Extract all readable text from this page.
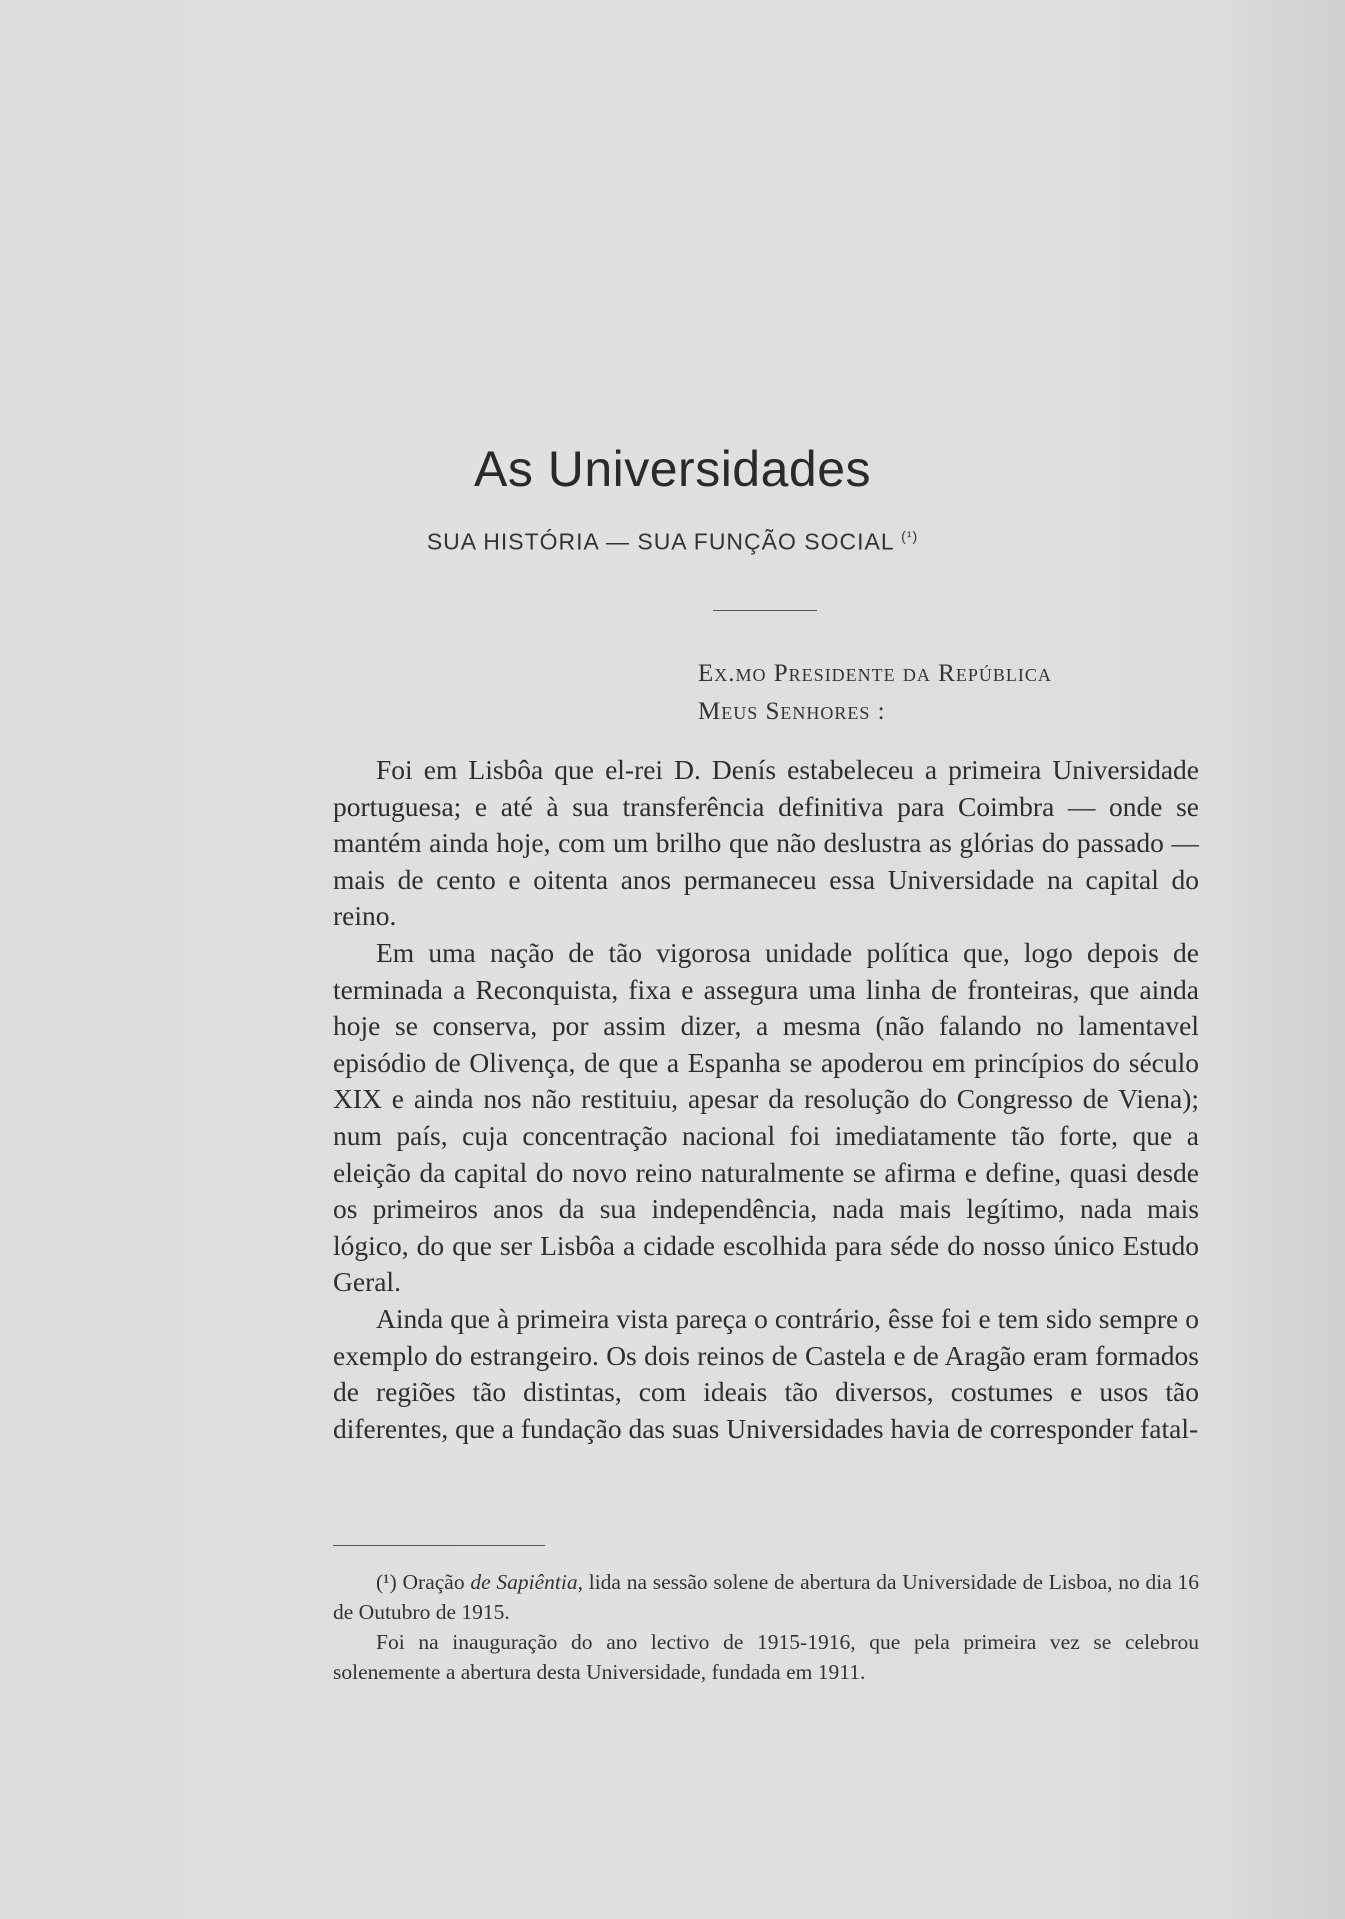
As Universidades
SUA HISTÓRIA — SUA FUNÇÃO SOCIAL $^{(^1)}$
Ex.mo Presidente da República
Meus Senhores :

Foi em Lisbôa que el-rei D. Denís estabeleceu a primeira Universidade portuguesa; e até à sua transferência definitiva para Coimbra — onde se mantém ainda hoje, com um brilho que não deslustra as glórias do passado — mais de cento e oitenta anos permaneceu essa Universidade na capital do reino.

Em uma nação de tão vigorosa unidade política que, logo depois de terminada a Reconquista, fixa e assegura uma linha de fronteiras, que ainda hoje se conserva, por assim dizer, a mesma (não falando no lamentavel episódio de Olivença, de que a Espanha se apoderou em princípios do século XIX e ainda nos não restituiu, apesar da resolução do Congresso de Viena); num país, cuja concentração nacional foi imediatamente tão forte, que a eleição da capital do novo reino naturalmente se afirma e define, quasi desde os primeiros anos da sua independência, nada mais legítimo, nada mais lógico, do que ser Lisbôa a cidade escolhida para séde do nosso único Estudo Geral.

Ainda que à primeira vista pareça o contrário, êsse foi e tem sido sempre o exemplo do estrangeiro. Os dois reinos de Castela e de Aragão eram formados de regiões tão distintas, com ideais tão diversos, costumes e usos tão diferentes, que a fundação das suas Universidades havia de corresponder fatal-

(¹) Oração de Sapiêntia, lida na sessão solene de abertura da Universidade de Lisboa, no dia 16 de Outubro de 1915.

Foi na inauguração do ano lectivo de 1915-1916, que pela primeira vez se celebrou solenemente a abertura desta Universidade, fundada em 1911.
